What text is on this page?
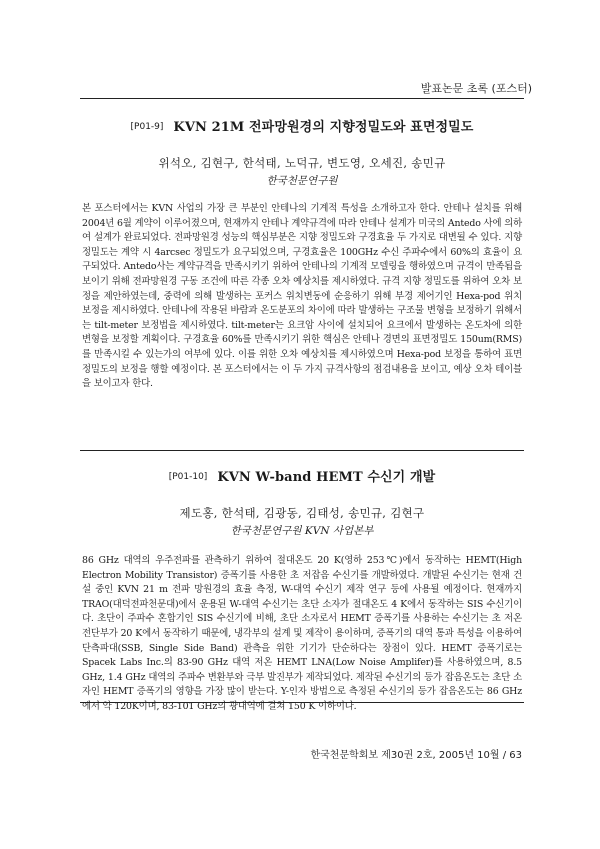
발표논문 초록 (포스터)
[P01-9] KVN 21M 전파망원경의 지향정밀도와 표면정밀도
위석오, 김현구, 한석태, 노덕규, 변도영, 오세진, 송민규
한국천문연구원
본 포스터에서는 KVN 사업의 가장 큰 부분인 안테나의 기계적 특성을 소개하고자 한다. 안테나 설치를 위해 2004년 6월 계약이 이루어졌으며, 현재까지 안테나 계약규격에 따라 안테나 설계가 미국의 Antedo 사에 의하여 설계가 완료되었다. 전파망원경 성능의 핵심부분은 지향 정밀도와 구경효율 두 가지로 대변될 수 있다. 지향정밀도는 계약 시 4arcsec 정밀도가 요구되었으며, 구경효율은 100GHz 수신 주파수에서 60%의 효율이 요구되었다. Antedo사는 계약규격을 만족시키기 위하여 안테나의 기계적 모델링을 행하였으며 규격이 만족됨을 보이기 위해 전파망원경 구동 조건에 따른 각종 오차 예상치를 제시하였다. 규격 지향 정밀도를 위하여 오차 보정을 제안하였는데, 중력에 의해 발생하는 포커스 위치변동에 순응하기 위해 부경 제어기인 Hexa-pod 위치 보정을 제시하였다. 안테나에 작용된 바람과 온도분포의 차이에 따라 발생하는 구조물 변형을 보정하기 위해서는 tilt-meter 보정법을 제시하였다. tilt-meter는 요크암 사이에 설치되어 요크에서 발생하는 온도차에 의한 변형을 보정할 계획이다. 구경효율 60%를 만족시키기 위한 핵심은 안테나 경면의 표면정밀도 150um(RMS)를 만족시킬 수 있는가의 여부에 있다. 이를 위한 오차 예상치를 제시하였으며 Hexa-pod 보정을 통하여 표면정밀도의 보정을 행할 예정이다. 본 포스터에서는 이 두 가지 규격사항의 점검내용을 보이고, 예상 오차 테이블을 보이고자 한다.
[P01-10] KVN W-band HEMT 수신기 개발
제도홍, 한석태, 김광동, 김태성, 송민규, 김현구
한국천문연구원 KVN 사업본부
86 GHz 대역의 우주전파를 관측하기 위하여 절대온도 20 K(영하 253℃)에서 동작하는 HEMT(High Electron Mobility Transistor) 증폭기를 사용한 초 저잡음 수신기를 개발하였다. 개발된 수신기는 현재 건설 중인 KVN 21 m 전파 망원경의 효율 측정, W-대역 수신기 제작 연구 등에 사용될 예정이다. 현재까지 TRAO(대덕전파천문대)에서 운용된 W-대역 수신기는 초단 소자가 절대온도 4 K에서 동작하는 SIS 수신기이다. 초단이 주파수 혼합기인 SIS 수신기에 비해, 초단 소자로서 HEMT 증폭기를 사용하는 수신기는 초 저온 전단부가 20 K에서 동작하기 때문에, 냉각부의 설계 및 제작이 용이하며, 증폭기의 대역 통과 특성을 이용하여 단측파대(SSB, Single Side Band) 관측을 위한 기기가 단순하다는 장점이 있다. HEMT 증폭기로는 Spacek Labs Inc.의 83-90 GHz 대역 저온 HEMT LNA(Low Noise Amplifer)를 사용하였으며, 8.5 GHz, 1.4 GHz 대역의 주파수 변환부와 극부 발진부가 제작되었다. 제작된 수신기의 등가 잡음온도는 초단 소자인 HEMT 증폭기의 영향을 가장 많이 받는다. Y-인자 방법으로 측정된 수신기의 등가 잡음온도는 86 GHz에서 약 120K이며, 83-101 GHz의 광대역에 걸쳐 150 K 이하이다.
한국천문학회보 제30권 2호, 2005년 10월 / 63
